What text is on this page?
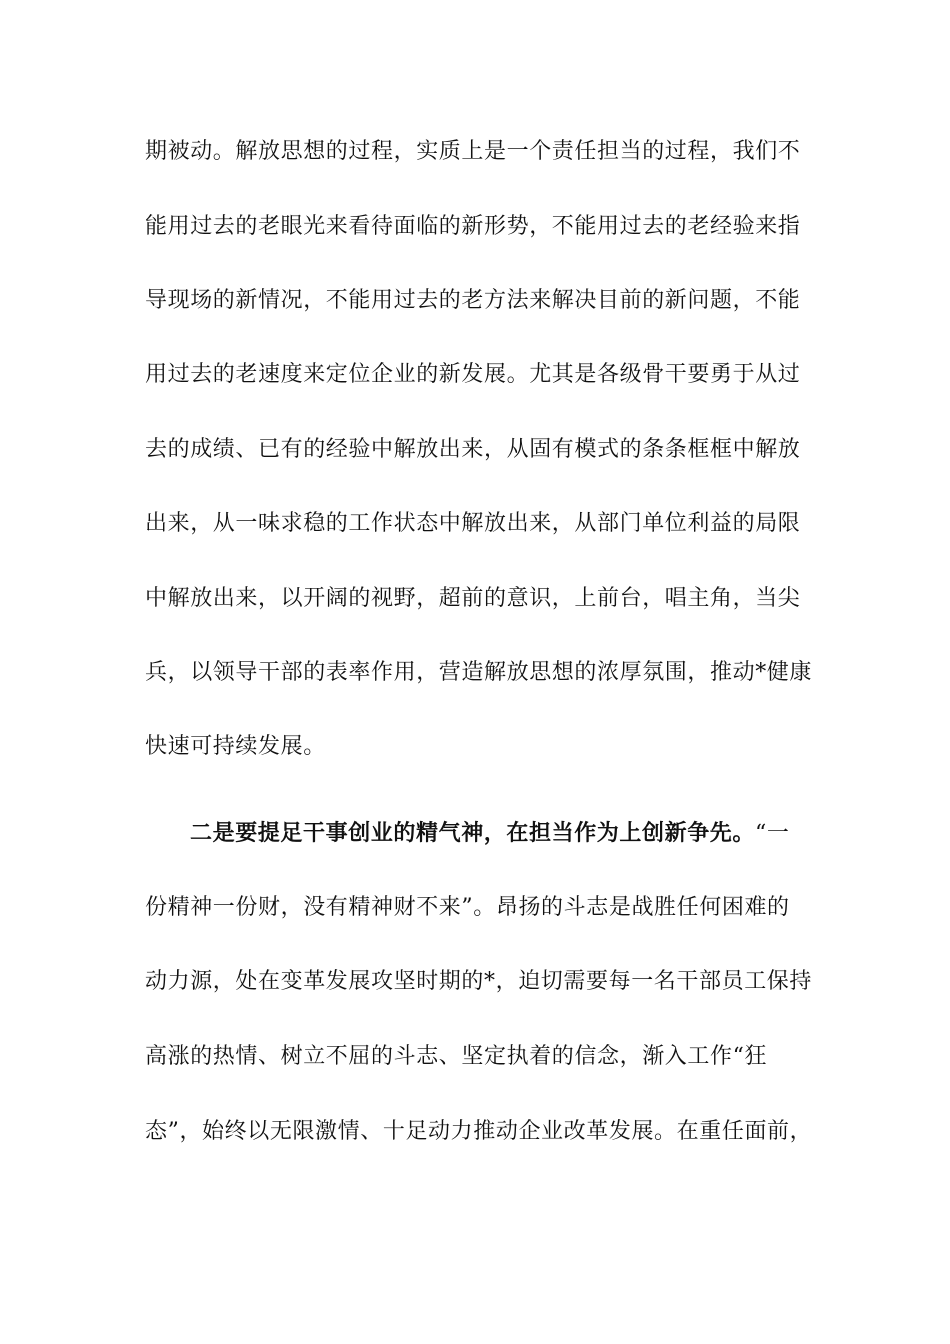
期被动。解放思想的过程，实质上是一个责任担当的过程，我们不
能用过去的老眼光来看待面临的新形势，不能用过去的老经验来指
导现场的新情况，不能用过去的老方法来解决目前的新问题，不能
用过去的老速度来定位企业的新发展。尤其是各级骨干要勇于从过
去的成绩、已有的经验中解放出来，从固有模式的条条框框中解放
出来，从一味求稳的工作状态中解放出来，从部门单位利益的局限
中解放出来，以开阔的视野，超前的意识，上前台，唱主角，当尖
兵，以领导干部的表率作用，营造解放思想的浓厚氛围，推动*健康
快速可持续发展。
二是要提足干事创业的精气神，在担当作为上创新争先。“一
份精神一份财，没有精神财不来”。昂扬的斗志是战胜任何困难的
动力源，处在变革发展攻坚时期的*，迫切需要每一名干部员工保持
高涨的热情、树立不屈的斗志、坚定执着的信念，渐入工作“狂
态”，始终以无限激情、十足动力推动企业改革发展。在重任面前，
